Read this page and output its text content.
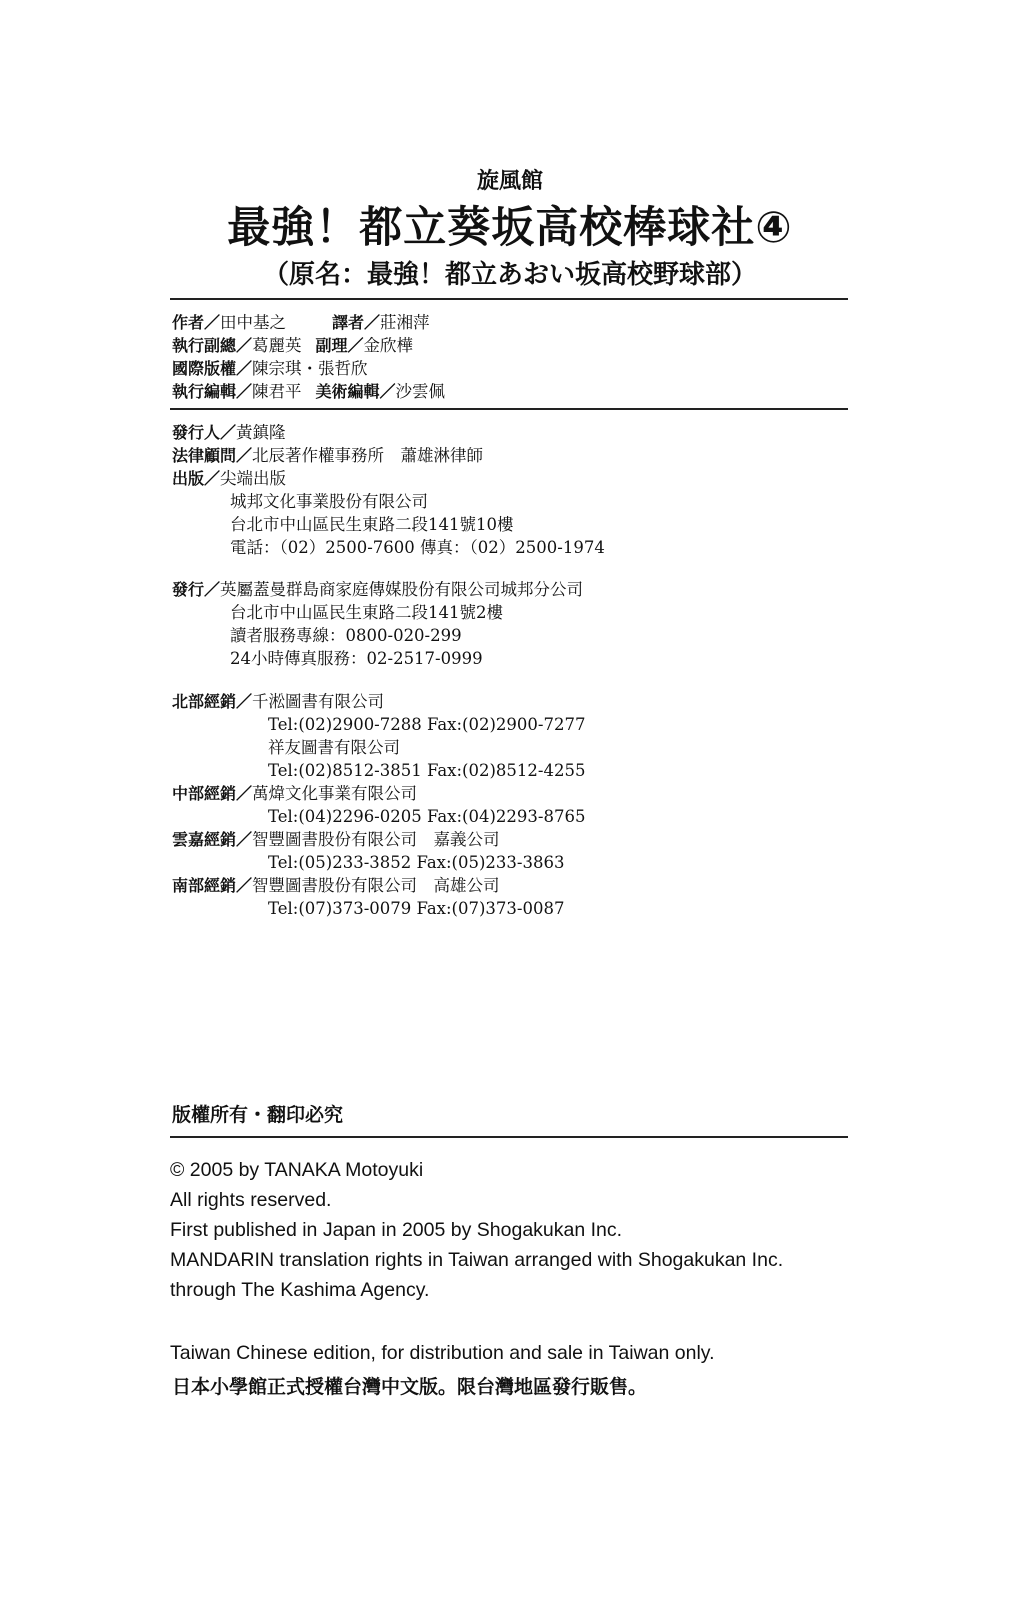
旋風館
最強！都立葵坂高校棒球社④
（原名：最強！都立あおい坂高校野球部）
作者／田中基之	譯者／莊湘萍
執行副總／葛麗英 副理／金欣樺
國際版權／陳宗琪・張哲欣
執行編輯／陳君平 美術編輯／沙雲佩
發行人／黃鎮隆
法律顧問／北辰著作權事務所　蕭雄淋律師
出版／尖端出版
城邦文化事業股份有限公司
台北市中山區民生東路二段141號10樓
電話：（02）2500-7600 傳真：（02）2500-1974
發行／英屬蓋曼群島商家庭傳媒股份有限公司城邦分公司
台北市中山區民生東路二段141號2樓
讀者服務專線：0800-020-299
24小時傳真服務：02-2517-0999
北部經銷／千淞圖書有限公司
Tel:(02)2900-7288 Fax:(02)2900-7277
祥友圖書有限公司
Tel:(02)8512-3851 Fax:(02)8512-4255
中部經銷／萬煒文化事業有限公司
Tel:(04)2296-0205 Fax:(04)2293-8765
雲嘉經銷／智豐圖書股份有限公司　嘉義公司
Tel:(05)233-3852 Fax:(05)233-3863
南部經銷／智豐圖書股份有限公司　高雄公司
Tel:(07)373-0079 Fax:(07)373-0087
版權所有・翻印必究
© 2005 by TANAKA Motoyuki
All rights reserved.
First published in Japan in 2005 by Shogakukan Inc.
MANDARIN translation rights in Taiwan arranged with Shogakukan Inc.
through The Kashima Agency.
Taiwan Chinese edition, for distribution and sale in Taiwan only.
日本小學館正式授權台灣中文版。限台灣地區發行販售。
